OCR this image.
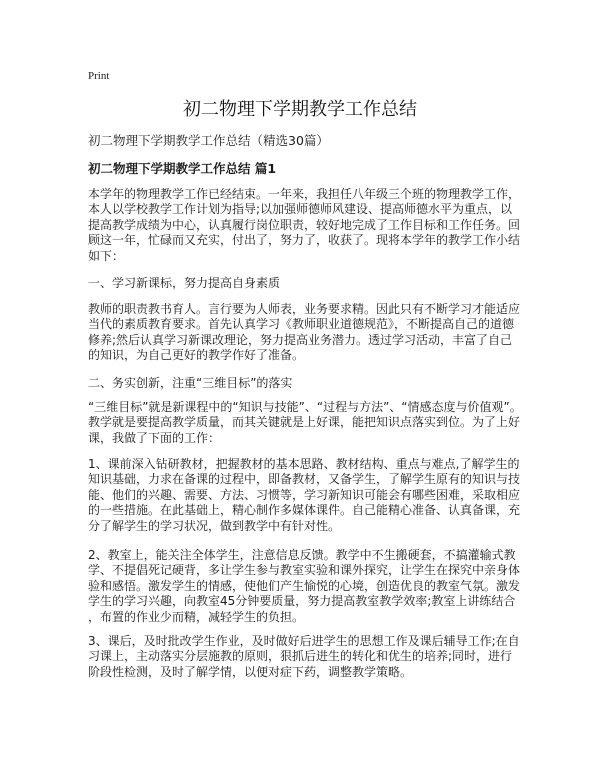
Print
初二物理下学期教学工作总结
初二物理下学期教学工作总结（精选30篇）
初二物理下学期教学工作总结 篇1
本学年的物理教学工作已经结束。一年来，我担任八年级三个班的物理教学工作，
本人以学校教学工作计划为指导;以加强师德师风建设、提高师德水平为重点，以
提高教学成绩为中心，认真履行岗位职责，较好地完成了工作目标和工作任务。回
顾这一年，忙碌而又充实，付出了，努力了，收获了。现将本学年的教学工作小结
如下：
一、学习新课标，努力提高自身素质
教师的职责教书育人。言行要为人师表，业务要求精。因此只有不断学习才能适应
当代的素质教育要求。首先认真学习《教师职业道德规范》，不断提高自己的道德
修养;然后认真学习新课改理论，努力提高业务潜力。透过学习活动，丰富了自己
的知识，为自己更好的教学作好了准备。
二、务实创新，注重“三维目标”的落实
“三维目标”就是新课程中的“知识与技能”、“过程与方法”、“情感态度与价值观”。
教学就是要提高教学质量，而其关键就是上好课，能把知识点落实到位。为了上好
课，我做了下面的工作：
1、课前深入钻研教材，把握教材的基本思路、教材结构、重点与难点,了解学生的
知识基础，力求在备课的过程中，即备教材，又备学生，了解学生原有的知识与技
能、他们的兴趣、需要、方法、习惯等，学习新知识可能会有哪些困难，采取相应
的一些措施。在此基础上，精心制作多媒体课件。自己能精心准备、认真备课，充
分了解学生的学习状况，做到教学中有针对性。
2、教室上，能关注全体学生，注意信息反馈。教学中不生搬硬套，不搞灌输式教
学、不提倡死记硬背，多让学生参与教室实验和课外探究，让学生在探究中亲身体
验和感悟。激发学生的情感，使他们产生愉悦的心境，创造优良的教室气氛。激发
学生的学习兴趣，向教室45分钟要质量，努力提高教室教学效率;教室上讲练结合
，布置的作业少而精，减轻学生的负担。
3、课后，及时批改学生作业，及时做好后进学生的思想工作及课后辅导工作;在自
习课上，主动落实分层施教的原则，狠抓后进生的转化和优生的培养;同时，进行
阶段性检测，及时了解学情，以便对症下药，调整教学策略。
